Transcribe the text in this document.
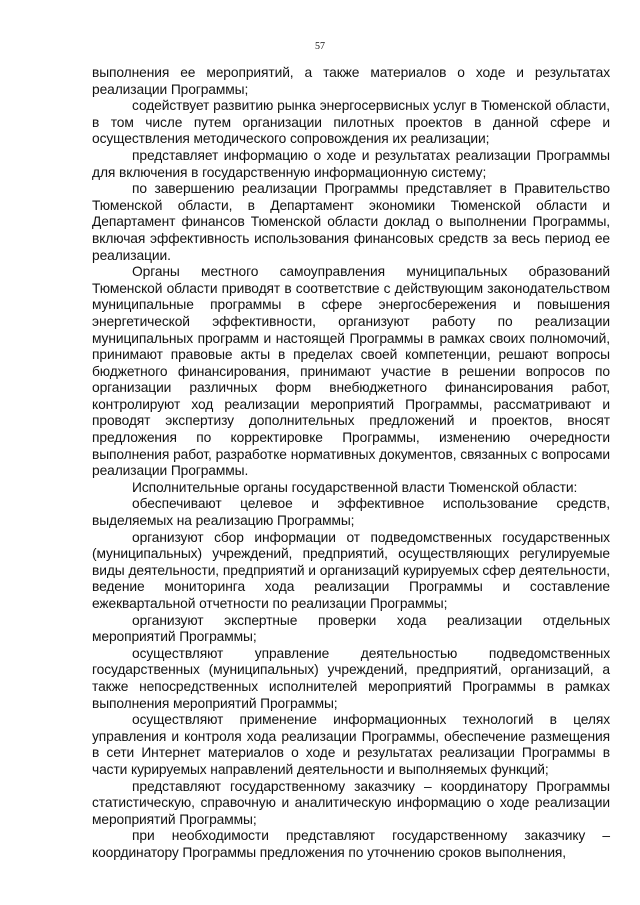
57

выполнения ее мероприятий, а также материалов о ходе и результатах реализации Программы;

содействует развитию рынка энергосервисных услуг в Тюменской области, в том числе путем организации пилотных проектов в данной сфере и осуществления методического сопровождения их реализации;

представляет информацию о ходе и результатах реализации Программы для включения в государственную информационную систему;

по завершению реализации Программы представляет в Правительство Тюменской области, в Департамент экономики Тюменской области и Департамент финансов Тюменской области доклад о выполнении Программы, включая эффективность использования финансовых средств за весь период ее реализации.

Органы местного самоуправления муниципальных образований Тюменской области приводят в соответствие с действующим законодательством муниципальные программы в сфере энергосбережения и повышения энергетической эффективности, организуют работу по реализации муниципальных программ и настоящей Программы в рамках своих полномочий, принимают правовые акты в пределах своей компетенции, решают вопросы бюджетного финансирования, принимают участие в решении вопросов по организации различных форм внебюджетного финансирования работ, контролируют ход реализации мероприятий Программы, рассматривают и проводят экспертизу дополнительных предложений и проектов, вносят предложения по корректировке Программы, изменению очередности выполнения работ, разработке нормативных документов, связанных с вопросами реализации Программы.

Исполнительные органы государственной власти Тюменской области:

обеспечивают целевое и эффективное использование средств, выделяемых на реализацию Программы;

организуют сбор информации от подведомственных государственных (муниципальных) учреждений, предприятий, осуществляющих регулируемые виды деятельности, предприятий и организаций курируемых сфер деятельности, ведение мониторинга хода реализации Программы и составление ежеквартальной отчетности по реализации Программы;

организуют экспертные проверки хода реализации отдельных мероприятий Программы;

осуществляют управление деятельностью подведомственных государственных (муниципальных) учреждений, предприятий, организаций, а также непосредственных исполнителей мероприятий Программы в рамках выполнения мероприятий Программы;

осуществляют применение информационных технологий в целях управления и контроля хода реализации Программы, обеспечение размещения в сети Интернет материалов о ходе и результатах реализации Программы в части курируемых направлений деятельности и выполняемых функций;

представляют государственному заказчику – координатору Программы статистическую, справочную и аналитическую информацию о ходе реализации мероприятий Программы;

при необходимости представляют государственному заказчику – координатору Программы предложения по уточнению сроков выполнения,
